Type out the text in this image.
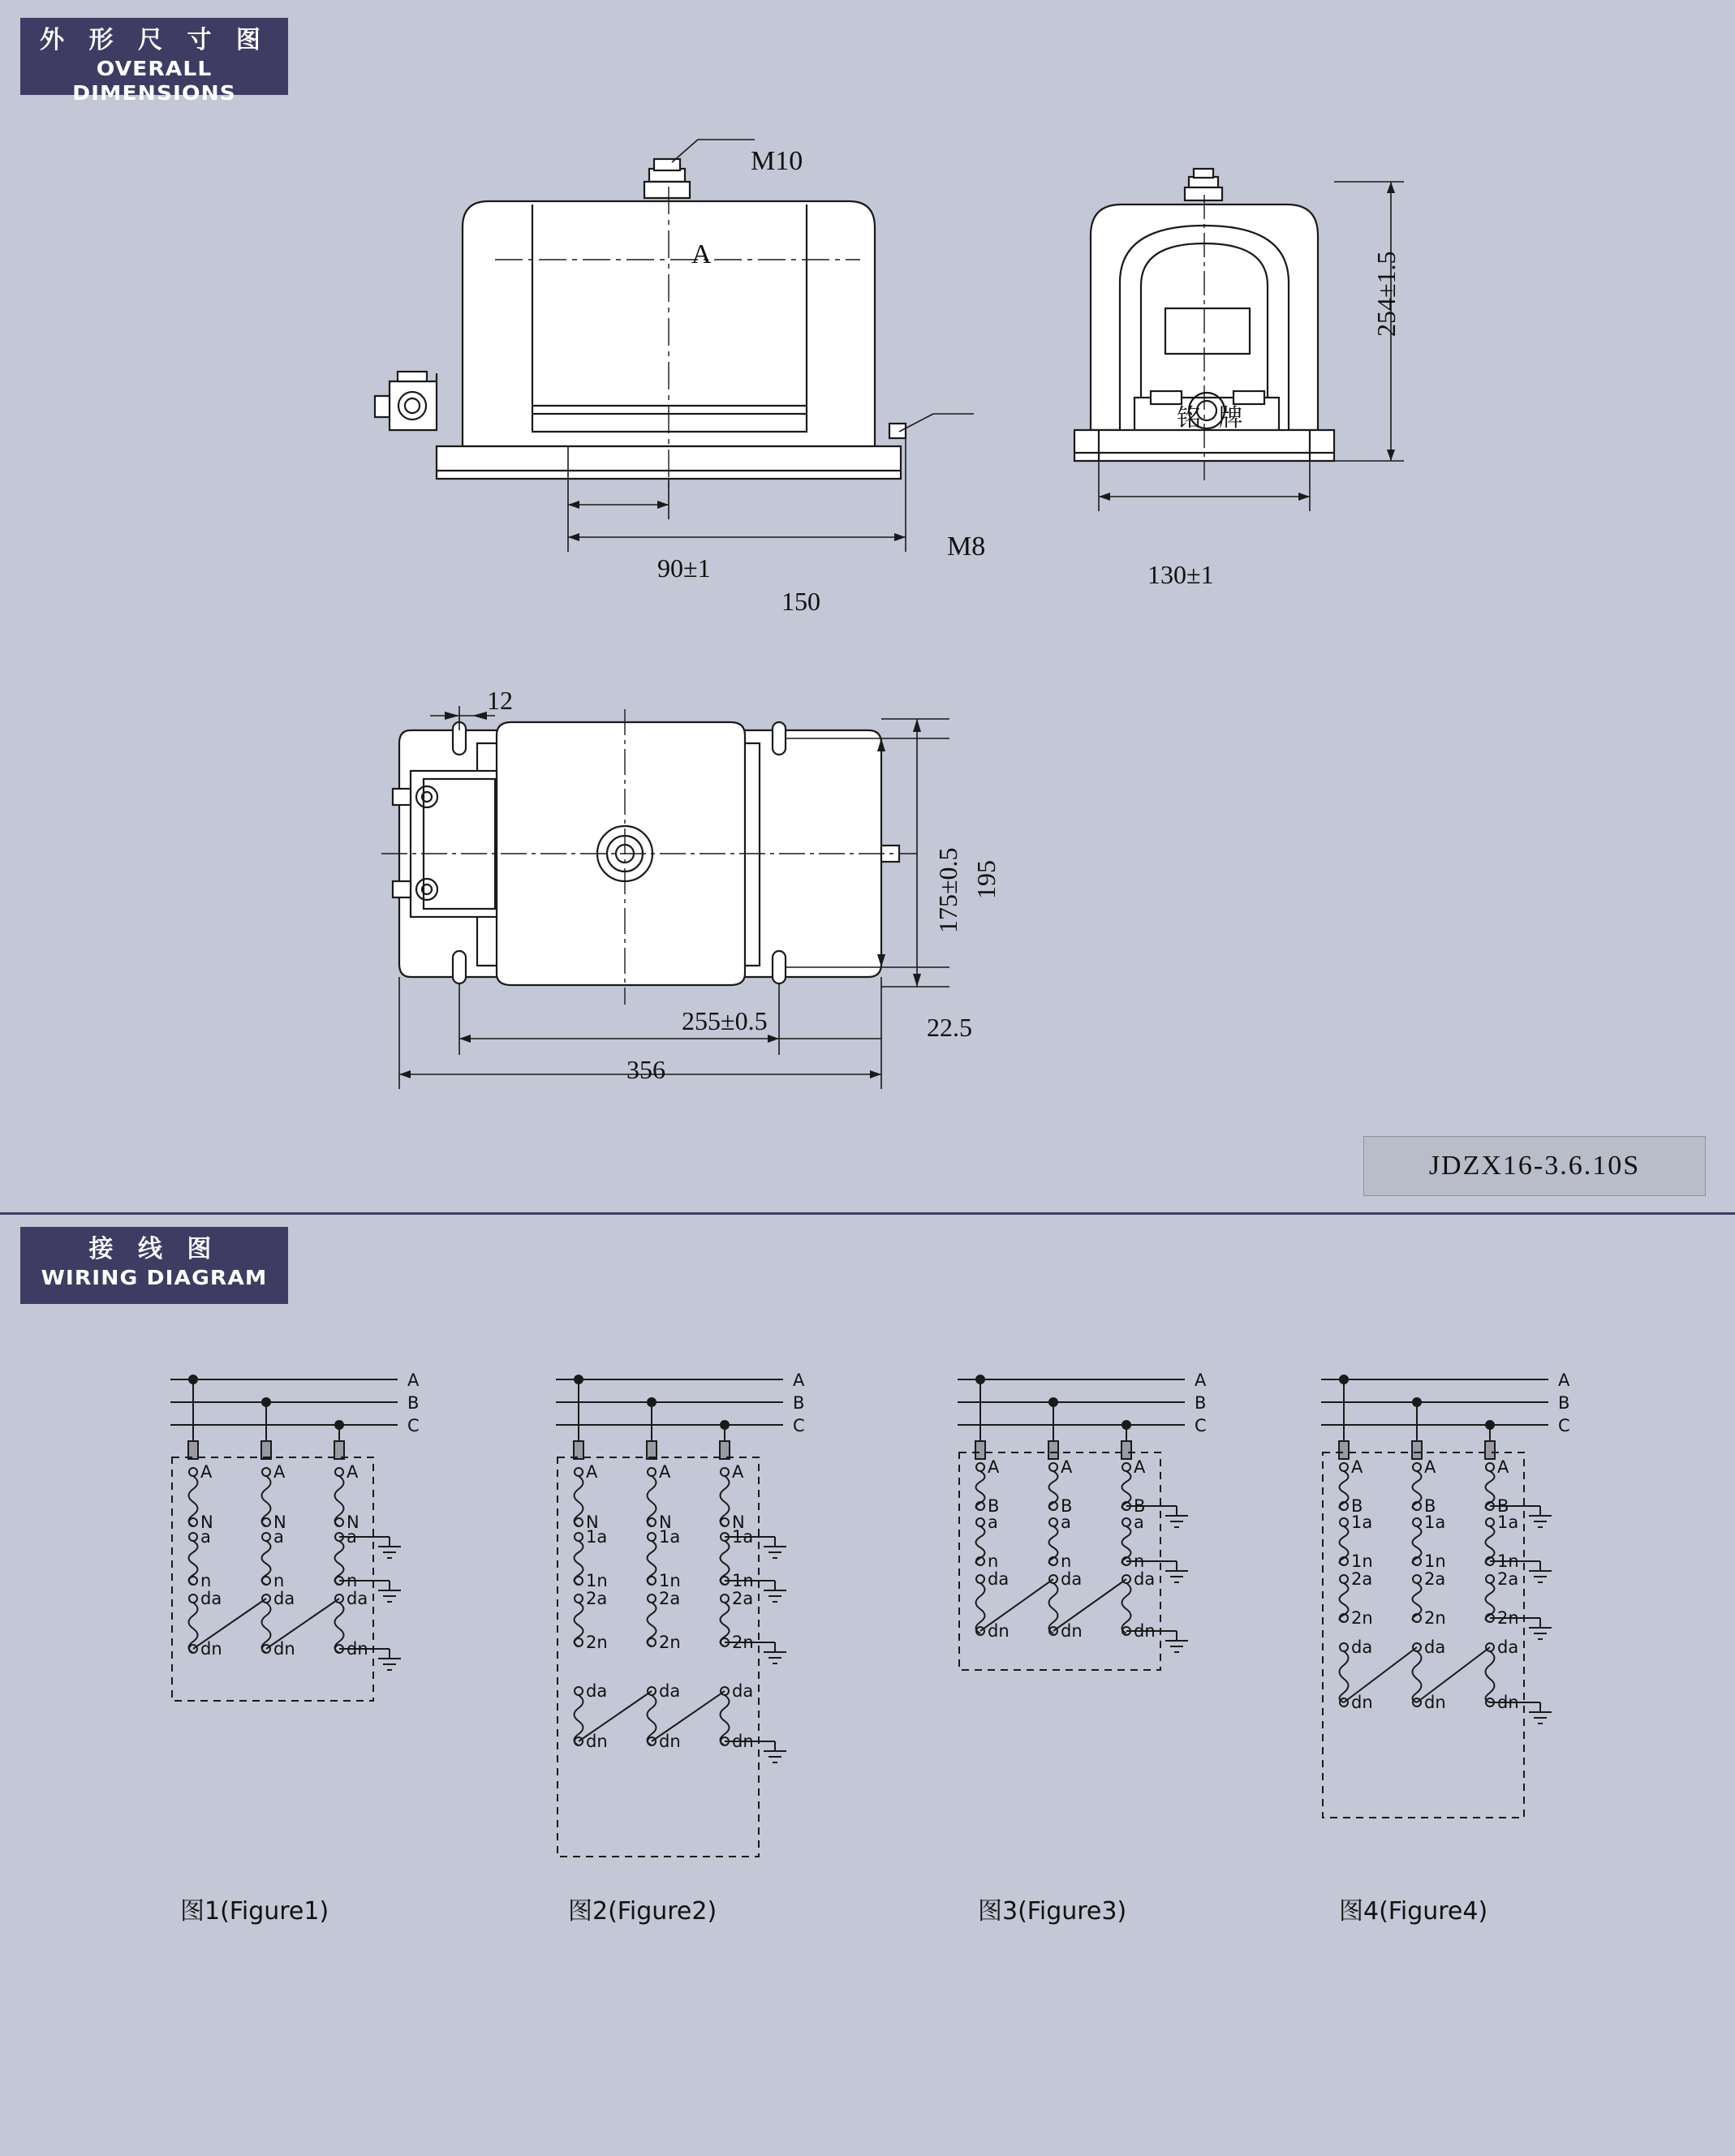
外 形 尺 寸 图
OVERALL DIMENSIONS
M10
A
M8
90±1
150
铭 牌
254±1.5
130±1
12
175±0.5 195
255±0.5	22.5
356
JDZX16-3.6.10S
接 线 图
WIRING DIAGRAM
A
N
a
n
da
dn
A
N
a
n
da
dn
A
N
a
n
da
dn
A
B
C
图1(Figure1)
A
N
1a
1n
2a
2n
da
dn
A
N
1a
1n
2a
2n
da
dn
A
N
1a
1n
2a
2n
da
dn
A
B
C
图2(Figure2)
A
B
a
n
da
dn
A
B
a
n
da
dn
A
B
a
n
da
dn
A
B
C
图3(Figure3)
A
B
1a
1n
2a
2n
da
dn
A
B
1a
1n
2a
2n
da
dn
A
B
1a
1n
2a
2n
da
dn
A
B
C
图4(Figure4)
